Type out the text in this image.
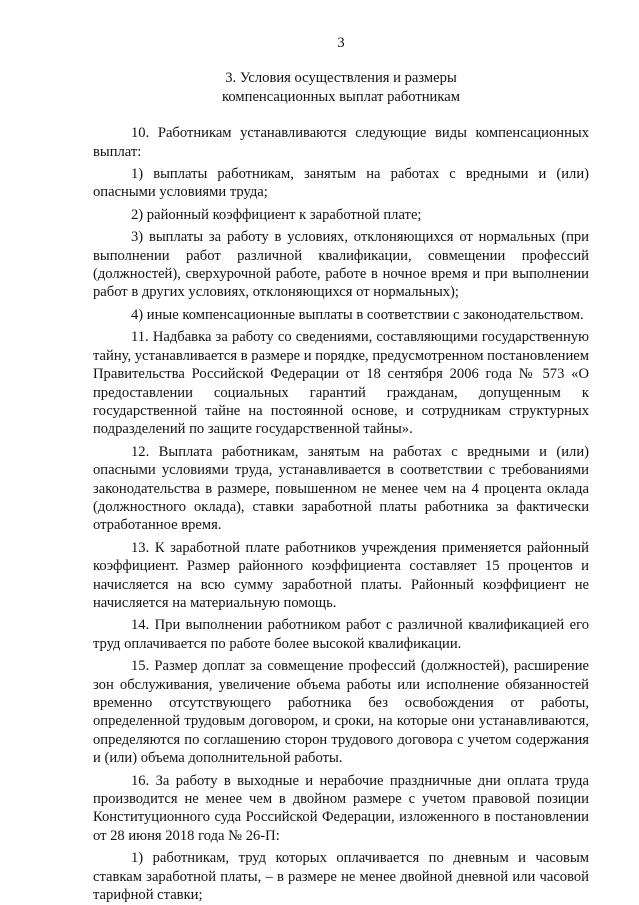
3
3. Условия осуществления и размеры
компенсационных выплат работникам

10. Работникам устанавливаются следующие виды компенсационных выплат:

1) выплаты работникам, занятым на работах с вредными и (или) опасными условиями труда;

2) районный коэффициент к заработной плате;

3) выплаты за работу в условиях, отклоняющихся от нормальных (при выполнении работ различной квалификации, совмещении профессий (должностей), сверхурочной работе, работе в ночное время и при выполнении работ в других условиях, отклоняющихся от нормальных);

4) иные компенсационные выплаты в соответствии с законодательством.

11. Надбавка за работу со сведениями, составляющими государственную тайну, устанавливается в размере и порядке, предусмотренном постановлением Правительства Российской Федерации от 18 сентября 2006 года № 573 «О предоставлении социальных гарантий гражданам, допущенным к государственной тайне на постоянной основе, и сотрудникам структурных подразделений по защите государственной тайны».

12. Выплата работникам, занятым на работах с вредными и (или) опасными условиями труда, устанавливается в соответствии с требованиями законодательства в размере, повышенном не менее чем на 4 процента оклада (должностного оклада), ставки заработной платы работника за фактически отработанное время.

13. К заработной плате работников учреждения применяется районный коэффициент. Размер районного коэффициента составляет 15 процентов и начисляется на всю сумму заработной платы. Районный коэффициент не начисляется на материальную помощь.

14. При выполнении работником работ с различной квалификацией его труд оплачивается по работе более высокой квалификации.

15. Размер доплат за совмещение профессий (должностей), расширение зон обслуживания, увеличение объема работы или исполнение обязанностей временно отсутствующего работника без освобождения от работы, определенной трудовым договором, и сроки, на которые они устанавливаются, определяются по соглашению сторон трудового договора с учетом содержания и (или) объема дополнительной работы.

16. За работу в выходные и нерабочие праздничные дни оплата труда производится не менее чем в двойном размере с учетом правовой позиции Конституционного суда Российской Федерации, изложенного в постановлении от 28 июня 2018 года № 26-П:

1) работникам, труд которых оплачивается по дневным и часовым ставкам заработной платы, – в размере не менее двойной дневной или часовой тарифной ставки;
